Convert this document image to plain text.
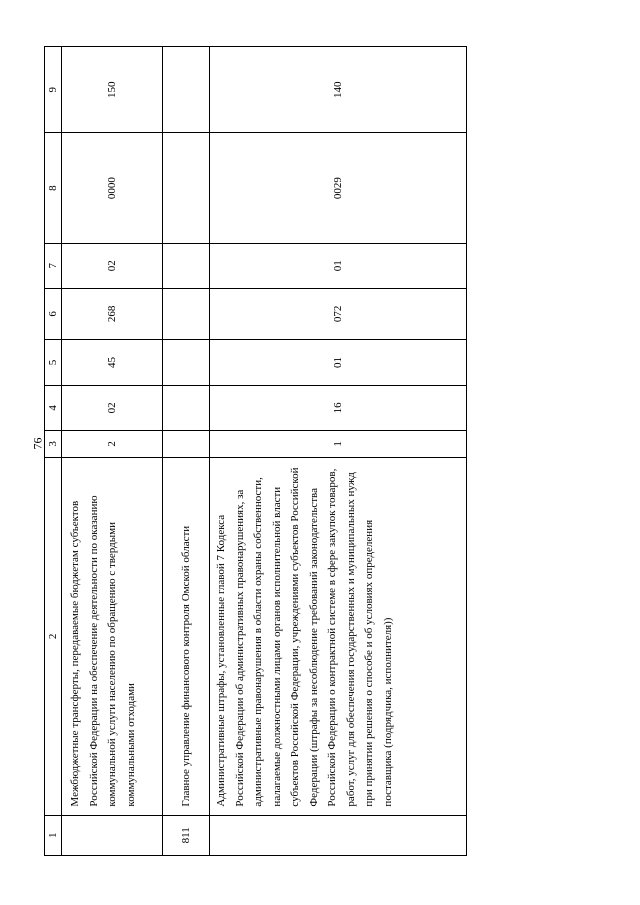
76
1	2	3	4	5	6	7	8	9
	Межбюджетные трансферты, передаваемые бюджетам субъектов Российской Федерации на обеспечение деятельности по оказанию коммунальной услуги населению по обращению с твердыми коммунальными отходами	2	02	45	268	02	0000	150
811	Главное управление финансового контроля Омской области							
	Административные штрафы, установленные главой 7 Кодекса Российской Федерации об административных правонарушениях, за административные правонарушения в области охраны собственности, налагаемые должностными лицами органов исполнительной власти субъектов Российской Федерации, учреждениями субъектов Российской Федерации (штрафы за несоблюдение требований законодательства Российской Федерации о контрактной системе в сфере закупок товаров, работ, услуг для обеспечения государственных и муниципальных нужд при принятии решения о способе и об условиях определения поставщика (подрядчика, исполнителя))	1	16	01	072	01	0029	140
